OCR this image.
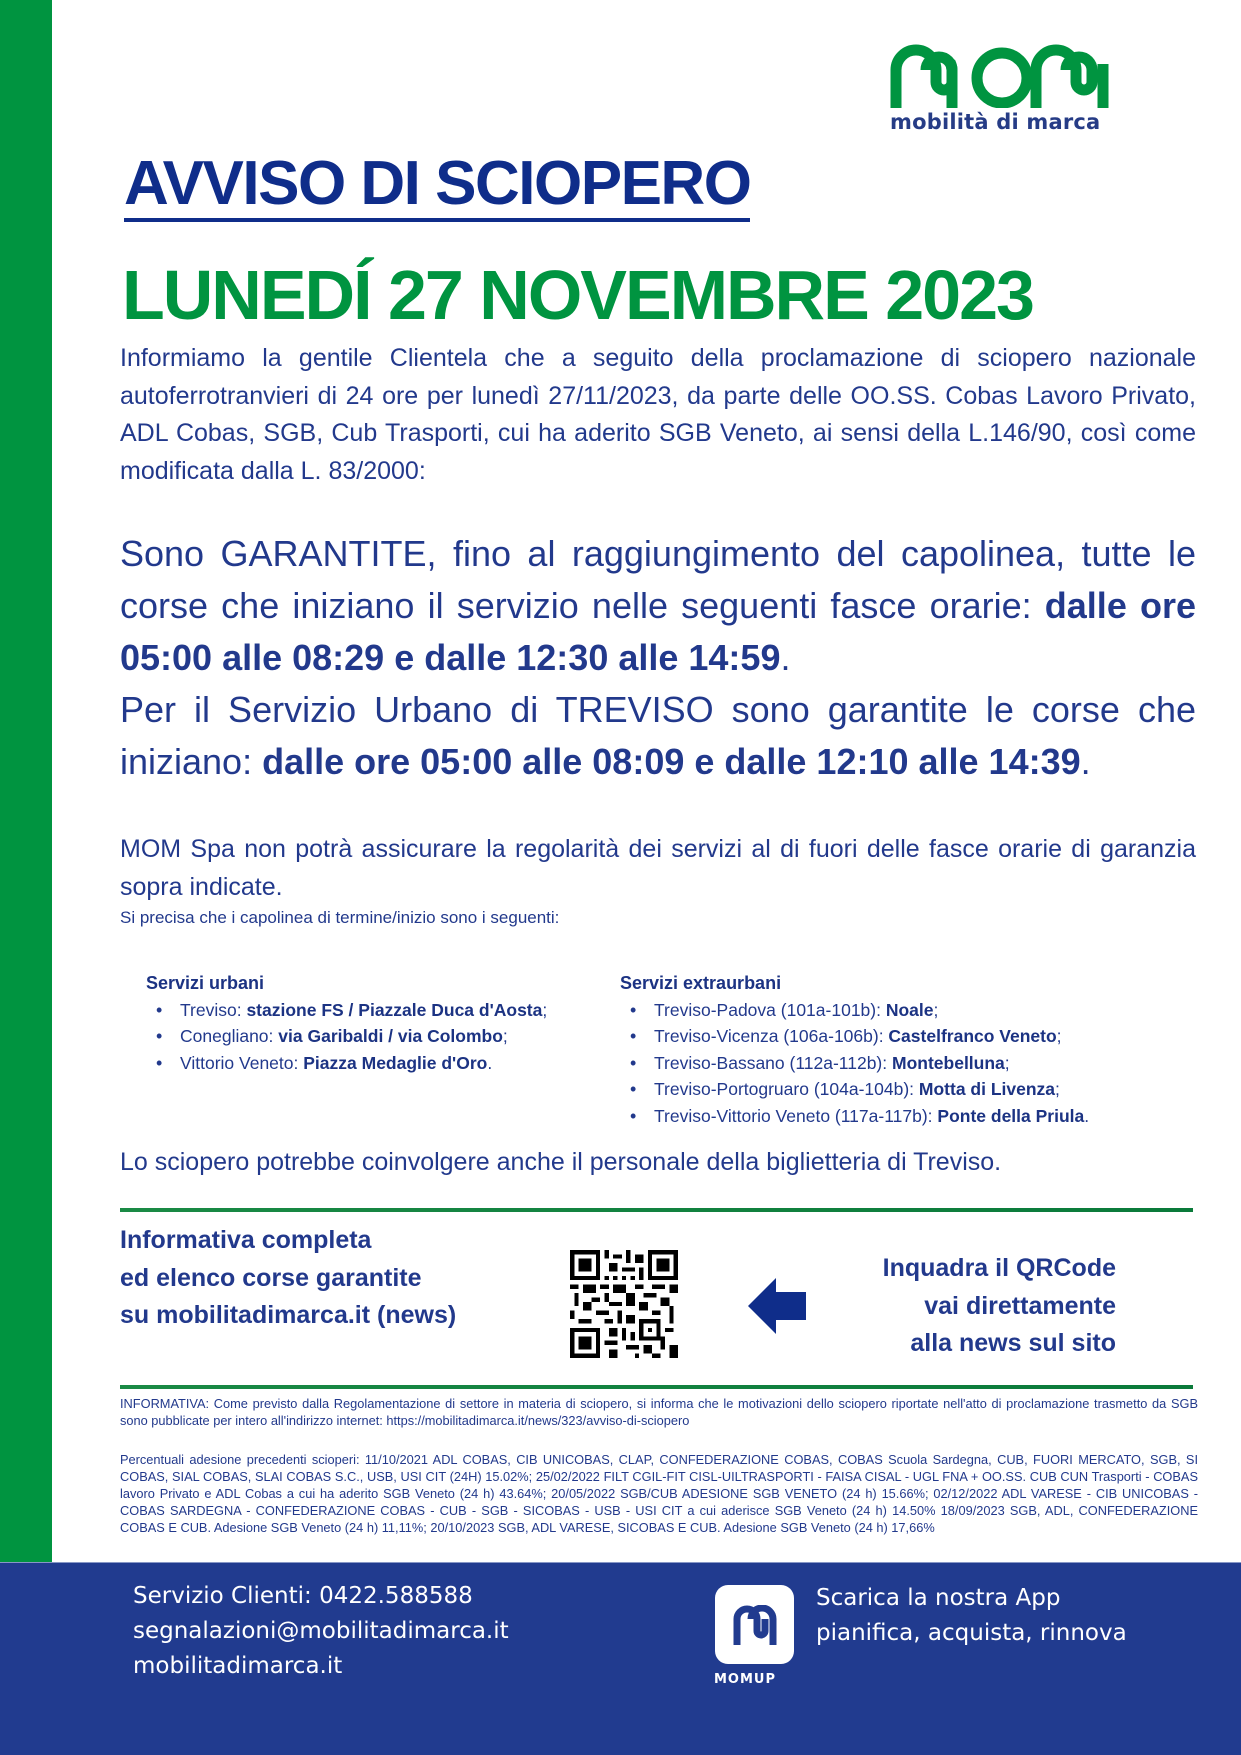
mobilità di marca
AVVISO DI SCIOPERO
LUNEDÍ 27 NOVEMBRE 2023

Informiamo la gentile Clientela che a seguito della proclamazione di sciopero nazionale autoferrotranvieri di 24 ore per lunedì 27/11/2023, da parte delle OO.SS. Cobas Lavoro Privato, ADL Cobas, SGB, Cub Trasporti, cui ha aderito SGB Veneto, ai sensi della L.146/90, così come modificata dalla L. 83/2000:

Sono GARANTITE, fino al raggiungimento del capolinea, tutte le corse che iniziano il servizio nelle seguenti fasce orarie: dalle ore 05:00 alle 08:29 e dalle 12:30 alle 14:59.
Per il Servizio Urbano di TREVISO sono garantite le corse che iniziano: dalle ore 05:00 alle 08:09 e dalle 12:10 alle 14:39.

MOM Spa non potrà assicurare la regolarità dei servizi al di fuori delle fasce orarie di garanzia sopra indicate.

Si precisa che i capolinea di termine/inizio sono i seguenti:

Servizi urbani
• Treviso: stazione FS / Piazzale Duca d'Aosta;
• Conegliano: via Garibaldi / via Colombo;
• Vittorio Veneto: Piazza Medaglie d'Oro.
Servizi extraurbani
• Treviso-Padova (101a-101b): Noale;
• Treviso-Vicenza (106a-106b): Castelfranco Veneto;
• Treviso-Bassano (112a-112b): Montebelluna;
• Treviso-Portogruaro (104a-104b): Motta di Livenza;
• Treviso-Vittorio Veneto (117a-117b): Ponte della Priula.

Lo sciopero potrebbe coinvolgere anche il personale della biglietteria di Treviso.

Informativa completa
ed elenco corse garantite
su mobilitadimarca.it (news)
Inquadra il QRCode
vai direttamente
alla news sul sito

INFORMATIVA: Come previsto dalla Regolamentazione di settore in materia di sciopero, si informa che le motivazioni dello sciopero riportate nell'atto di proclamazione trasmetto da SGB sono pubblicate per intero all'indirizzo internet: https://mobilitadimarca.it/news/323/avviso-di-sciopero

Percentuali adesione precedenti scioperi: 11/10/2021 ADL COBAS, CIB UNICOBAS, CLAP, CONFEDERAZIONE COBAS, COBAS Scuola Sardegna, CUB, FUORI MERCATO, SGB, SI COBAS, SIAL COBAS, SLAI COBAS S.C., USB, USI CIT (24H) 15.02%; 25/02/2022 FILT CGIL-FIT CISL-UILTRASPORTI - FAISA CISAL - UGL FNA + OO.SS. CUB CUN Trasporti - COBAS lavoro Privato e ADL Cobas a cui ha aderito SGB Veneto (24 h) 43.64%; 20/05/2022 SGB/CUB ADESIONE SGB VENETO (24 h) 15.66%; 02/12/2022 ADL VARESE - CIB UNICOBAS - COBAS SARDEGNA - CONFEDERAZIONE COBAS - CUB - SGB - SICOBAS - USB - USI CIT a cui aderisce SGB Veneto (24 h) 14.50% 18/09/2023 SGB, ADL, CONFEDERAZIONE COBAS E CUB. Adesione SGB Veneto (24 h) 11,11%; 20/10/2023 SGB, ADL VARESE, SICOBAS E CUB. Adesione SGB Veneto (24 h) 17,66%

Servizio Clienti: 0422.588588
segnalazioni@mobilitadimarca.it
mobilitadimarca.it
MOMUP
Scarica la nostra App
pianifica, acquista, rinnova
